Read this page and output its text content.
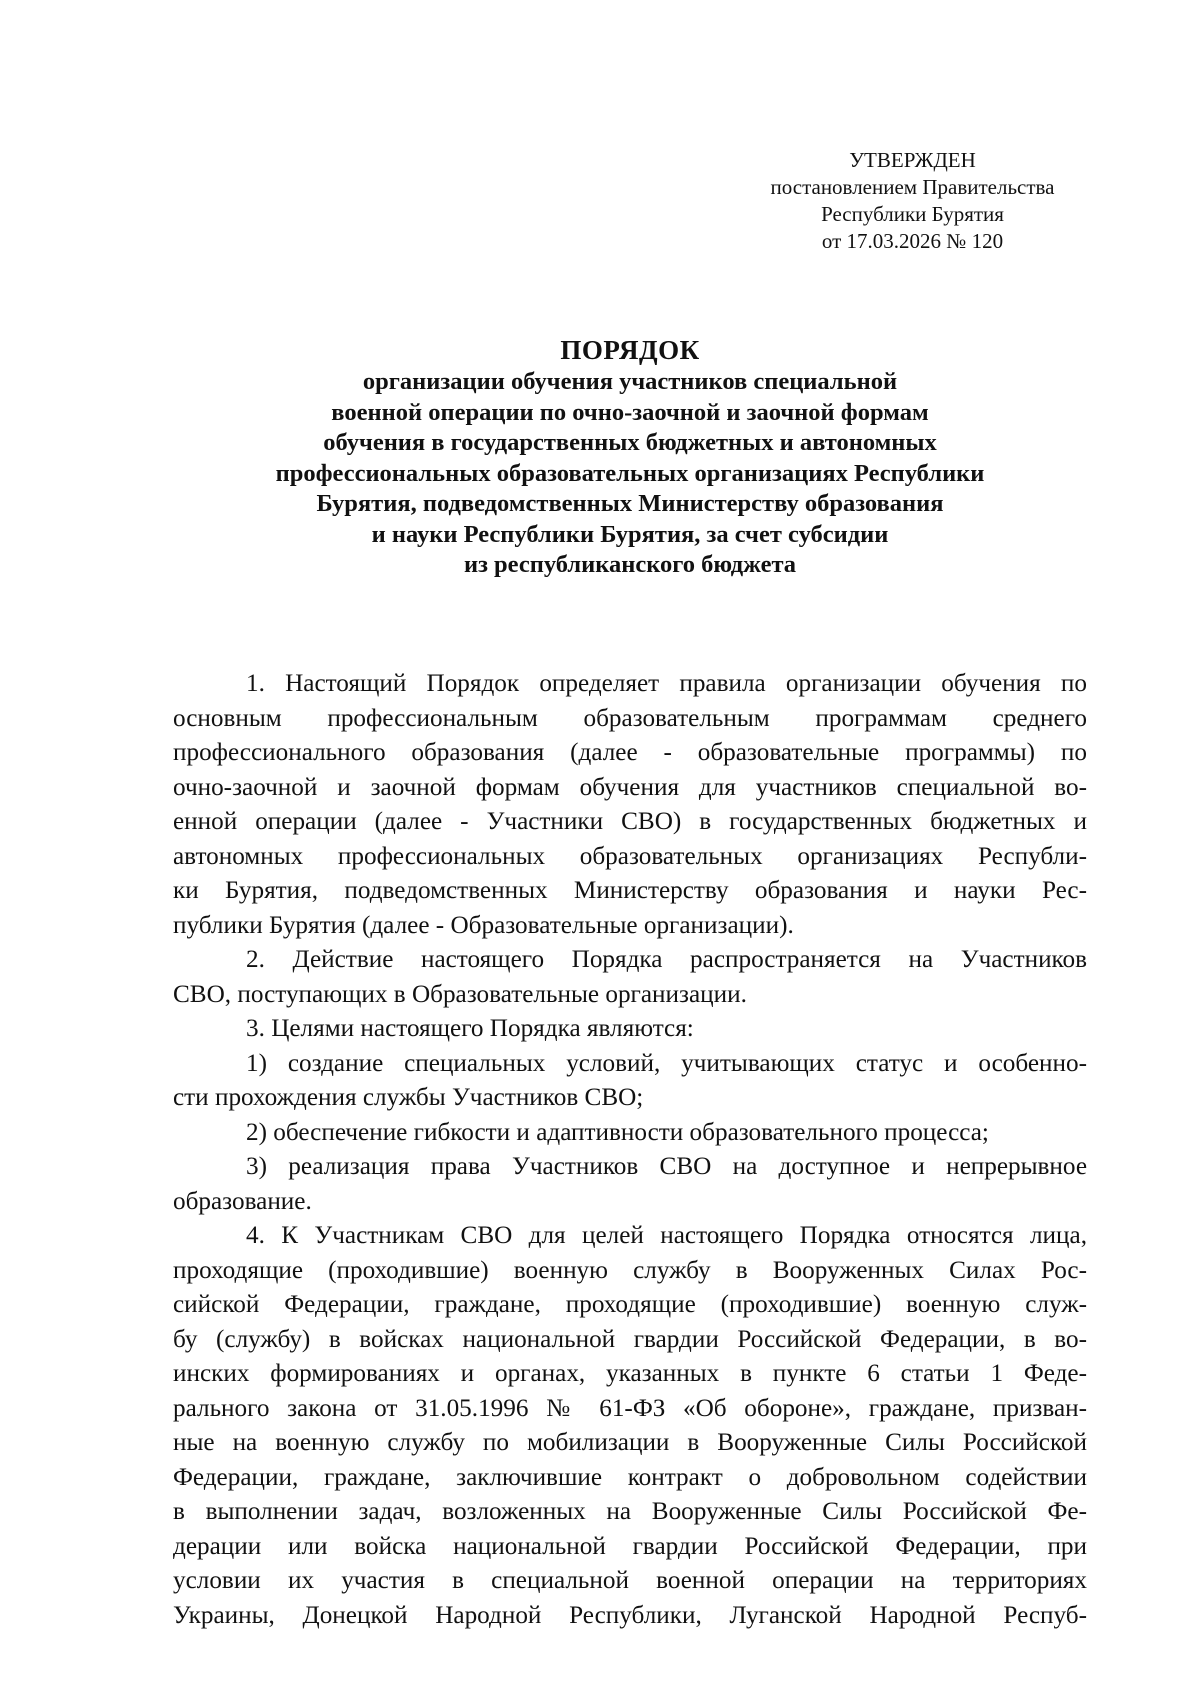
УТВЕРЖДЕН
постановлением Правительства
Республики Бурятия
от 17.03.2026 № 120
ПОРЯДОК
организации обучения участников специальной
военной операции по очно-заочной и заочной формам
обучения в государственных бюджетных и автономных
профессиональных образовательных организациях Республики
Бурятия, подведомственных Министерству образования
и науки Республики Бурятия, за счет субсидии
из республиканского бюджета
1. Настоящий Порядок определяет правила организации обучения по
основным профессиональным образовательным программам среднего
профессионального образования (далее - образовательные программы) по
очно-заочной и заочной формам обучения для участников специальной во-
енной операции (далее - Участники СВО) в государственных бюджетных и
автономных профессиональных образовательных организациях Республи-
ки Бурятия, подведомственных Министерству образования и науки Рес-
публики Бурятия (далее - Образовательные организации).
2. Действие настоящего Порядка распространяется на Участников
СВО, поступающих в Образовательные организации.
3. Целями настоящего Порядка являются:
1) создание специальных условий, учитывающих статус и особенно-
сти прохождения службы Участников СВО;
2) обеспечение гибкости и адаптивности образовательного процесса;
3) реализация права Участников СВО на доступное и непрерывное
образование.
4. К Участникам СВО для целей настоящего Порядка относятся лица,
проходящие (проходившие) военную службу в Вооруженных Силах Рос-
сийской Федерации, граждане, проходящие (проходившие) военную служ-
бу (службу) в войсках национальной гвардии Российской Федерации, в во-
инских формированиях и органах, указанных в пункте 6 статьи 1 Феде-
рального закона от 31.05.1996 № 61-ФЗ «Об обороне», граждане, призван-
ные на военную службу по мобилизации в Вооруженные Силы Российской
Федерации, граждане, заключившие контракт о добровольном содействии
в выполнении задач, возложенных на Вооруженные Силы Российской Фе-
дерации или войска национальной гвардии Российской Федерации, при
условии их участия в специальной военной операции на территориях
Украины, Донецкой Народной Республики, Луганской Народной Респуб-
